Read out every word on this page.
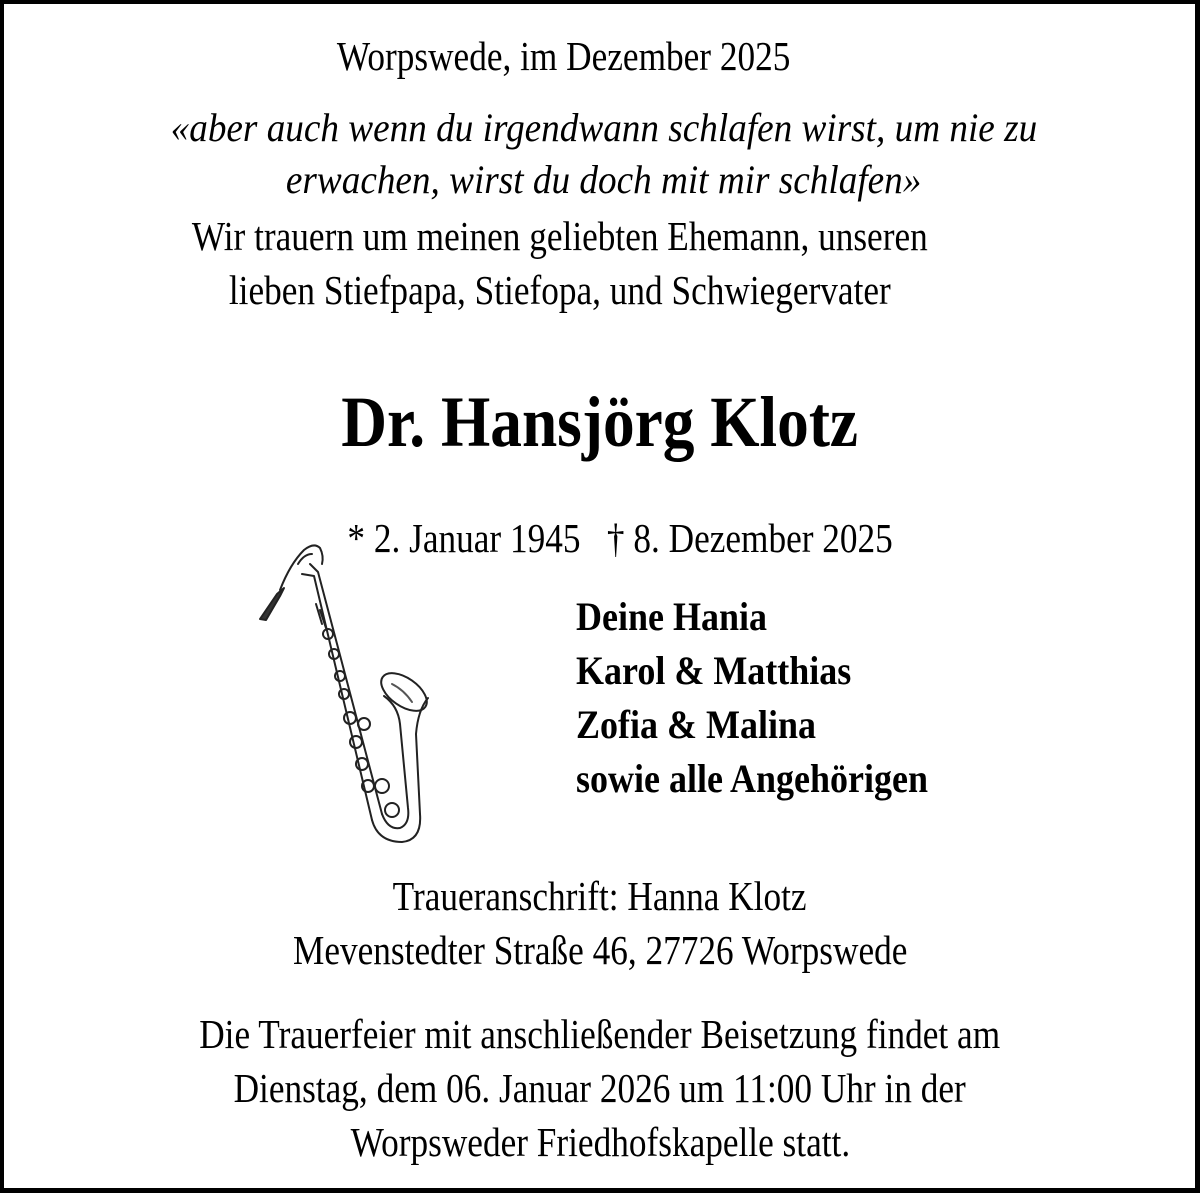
Worpswede, im Dezember 2025
«aber auch wenn du irgendwann schlafen wirst, um nie zu
erwachen, wirst du doch mit mir schlafen»
Wir trauern um meinen geliebten Ehemann, unseren
lieben Stiefpapa, Stiefopa, und Schwiegervater
Dr. Hansjörg Klotz

* 2. Januar 1945   † 8. Dezember 2025

Deine Hania
Karol & Matthias
Zofia & Malina
sowie alle Angehörigen
Traueranschrift: Hanna Klotz
Mevenstedter Straße 46, 27726 Worpswede
Die Trauerfeier mit anschließender Beisetzung findet am
Dienstag, dem 06. Januar 2026 um 11:00 Uhr in der
Worpsweder Friedhofskapelle statt.
